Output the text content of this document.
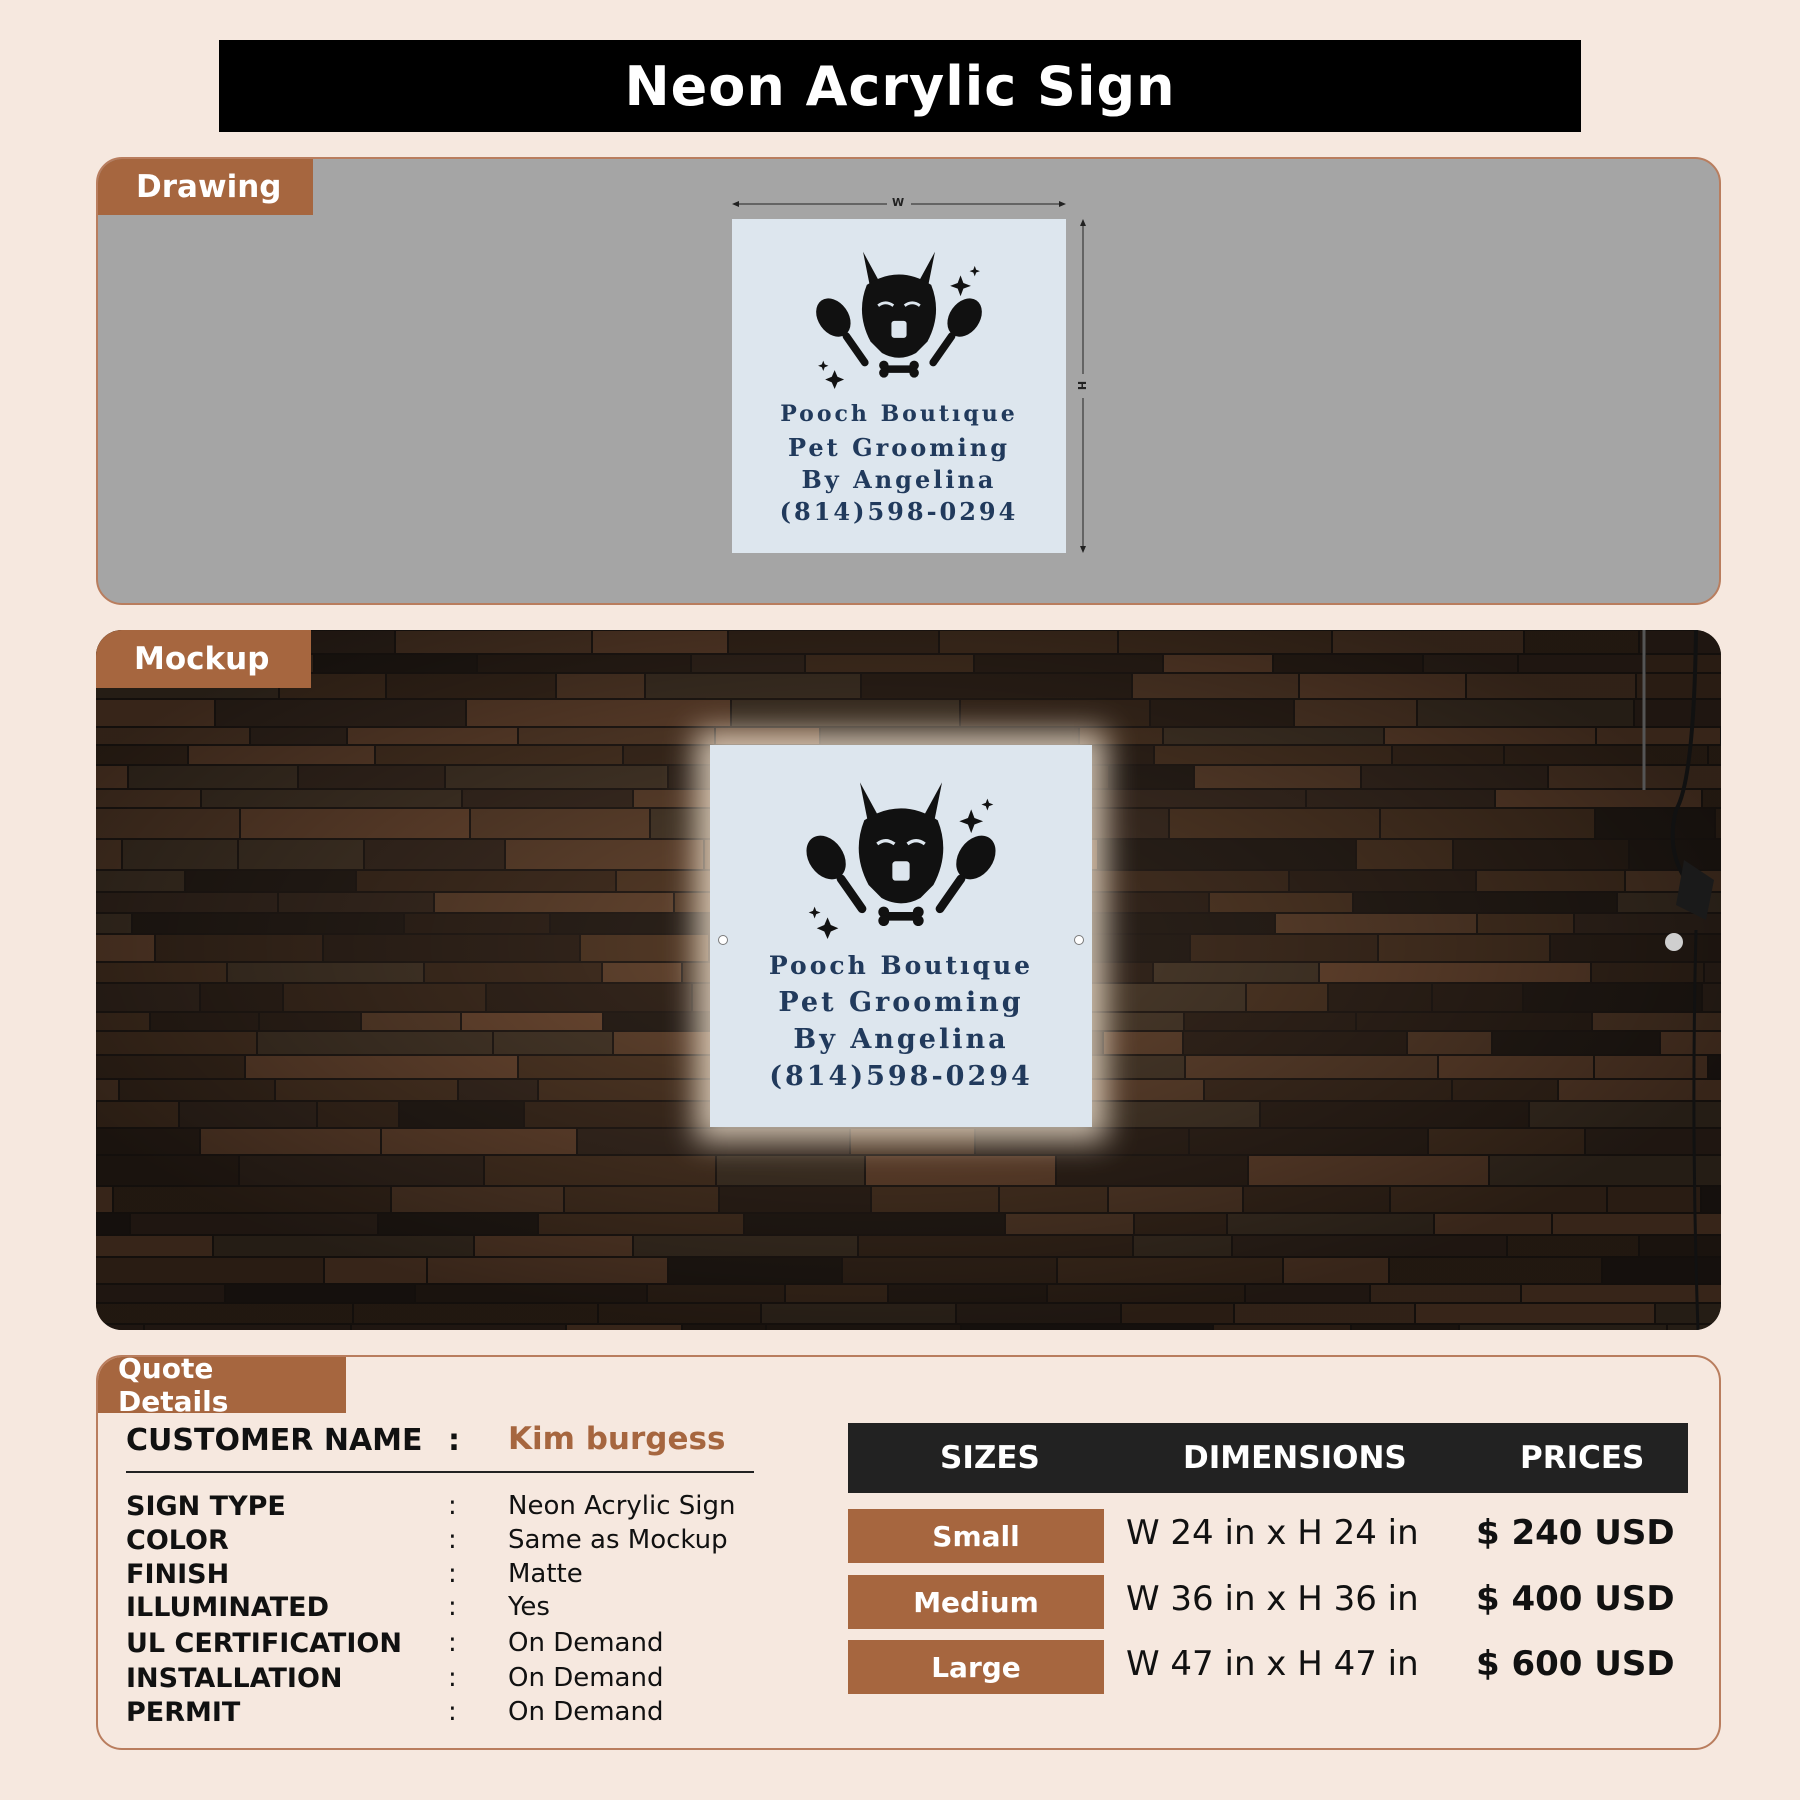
Neon Acrylic Sign
Drawing	W
H
Pooch Boutıque
Pet Grooming
By Angelina
(814)598-0294
Mockup
Pooch Boutıque
Pet Grooming
By Angelina
(814)598-0294
Quote Details
CUSTOMER NAME : Kim burgess
SIGN TYPE	: Neon Acrylic Sign
COLOR	: Same as Mockup
FINISH	: Matte
ILLUMINATED	: Yes
UL CERTIFICATION : On Demand
INSTALLATION	: On Demand
PERMIT	: On Demand
SIZES	DIMENSIONS	PRICES
Small	W 24 in x H 24 in $ 240 USD
Medium	W 36 in x H 36 in $ 400 USD
Large	W 47 in x H 47 in $ 600 USD
